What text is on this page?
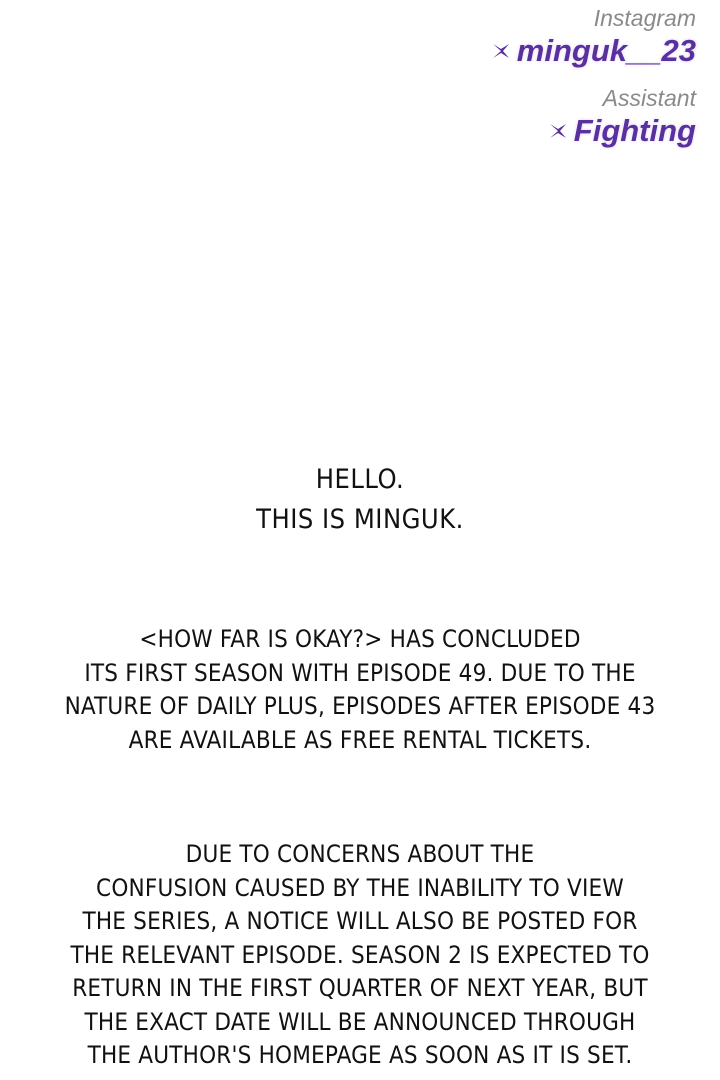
Instagram
minguk__23
Assistant
Fighting
HELLO.
THIS IS MINGUK.
<HOW FAR IS OKAY?> HAS CONCLUDED
ITS FIRST SEASON WITH EPISODE 49. DUE TO THE
NATURE OF DAILY PLUS, EPISODES AFTER EPISODE 43
ARE AVAILABLE AS FREE RENTAL TICKETS.
DUE TO CONCERNS ABOUT THE
CONFUSION CAUSED BY THE INABILITY TO VIEW
THE SERIES, A NOTICE WILL ALSO BE POSTED FOR
THE RELEVANT EPISODE. SEASON 2 IS EXPECTED TO
RETURN IN THE FIRST QUARTER OF NEXT YEAR, BUT
THE EXACT DATE WILL BE ANNOUNCED THROUGH
THE AUTHOR'S HOMEPAGE AS SOON AS IT IS SET.
